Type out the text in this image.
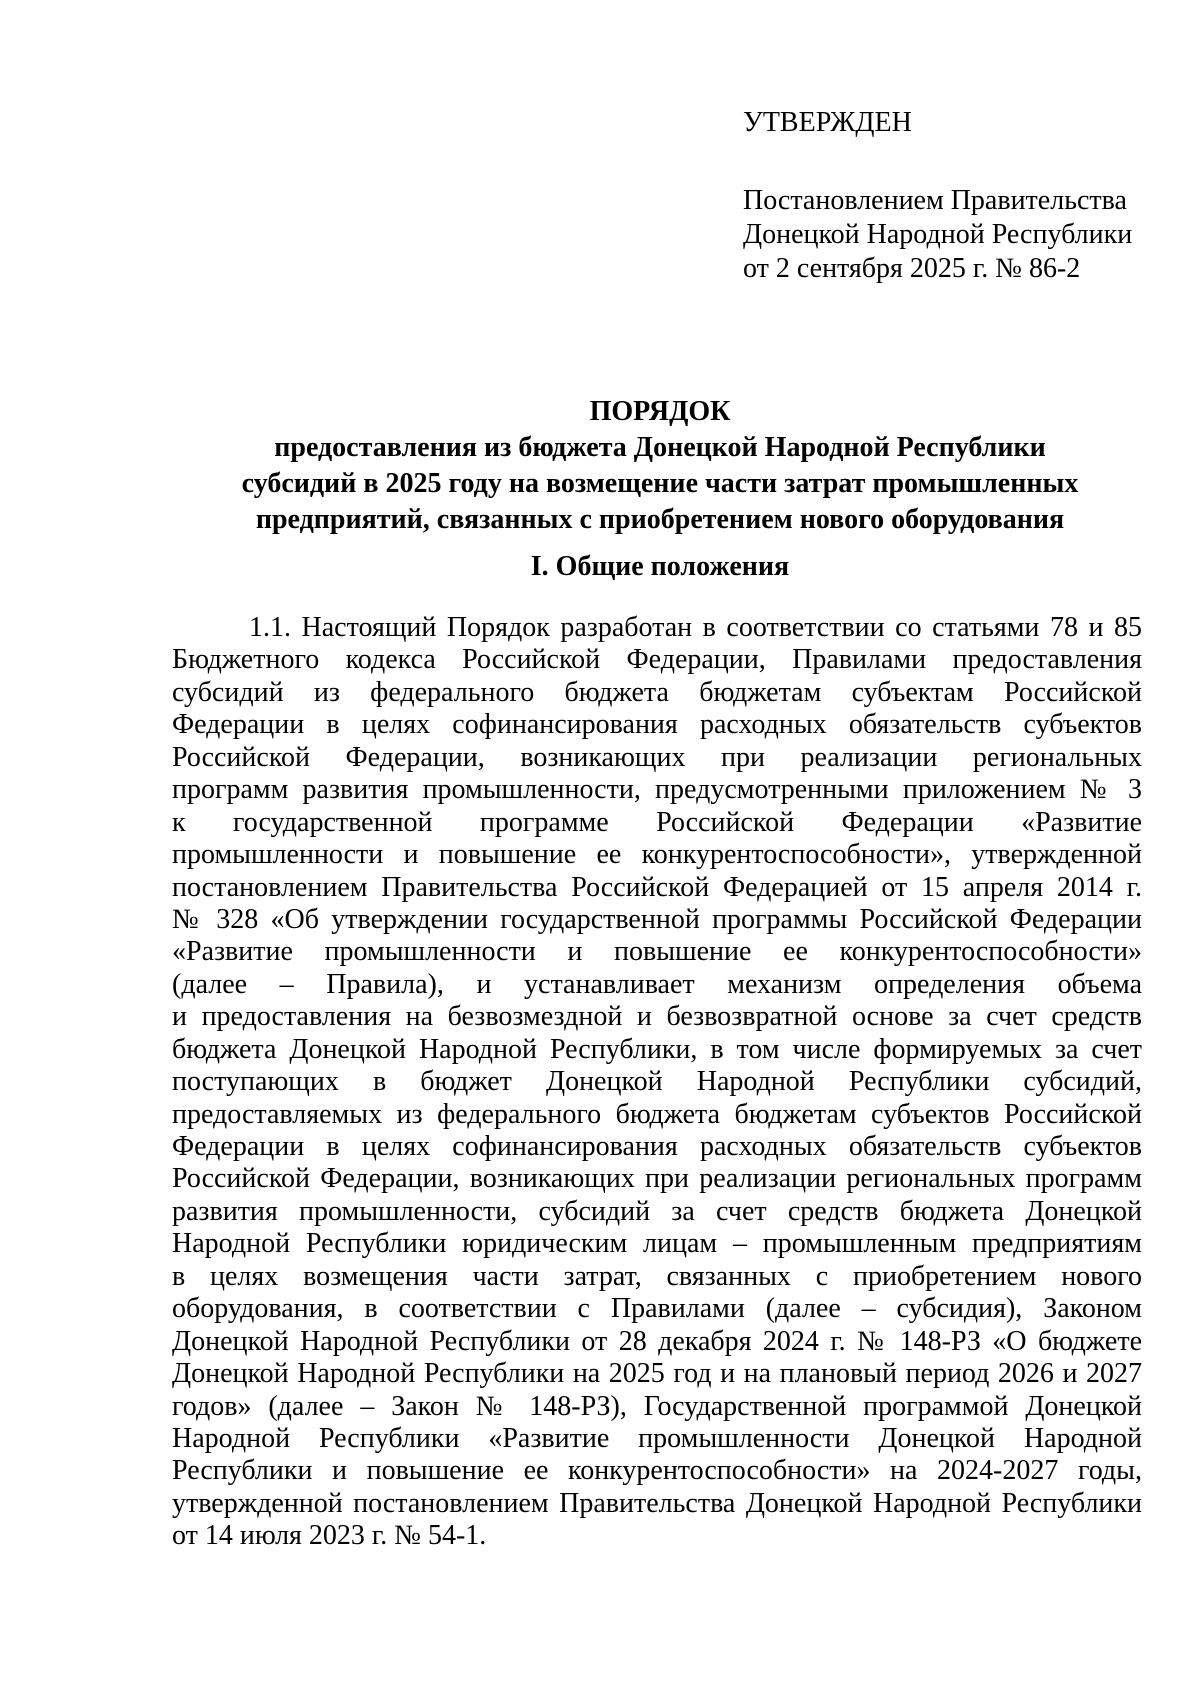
УТВЕРЖДЕН
Постановлением Правительства
Донецкой Народной Республики
от 2 сентября 2025 г. № 86-2
ПОРЯДОК
предоставления из бюджета Донецкой Народной Республики
субсидий в 2025 году на возмещение части затрат промышленных
предприятий, связанных с приобретением нового оборудования
I. Общие положения
1.1. Настоящий Порядок разработан в соответствии со статьями 78 и 85
Бюджетного кодекса Российской Федерации, Правилами предоставления
субсидий из федерального бюджета бюджетам субъектам Российской
Федерации в целях софинансирования расходных обязательств субъектов
Российской Федерации, возникающих при реализации региональных
программ развития промышленности, предусмотренными приложением № 3
к государственной программе Российской Федерации «Развитие
промышленности и повышение ее конкурентоспособности», утвержденной
постановлением Правительства Российской Федерацией от 15 апреля 2014 г.
№ 328 «Об утверждении государственной программы Российской Федерации
«Развитие промышленности и повышение ее конкурентоспособности»
(далее – Правила), и устанавливает механизм определения объема
и предоставления на безвозмездной и безвозвратной основе за счет средств
бюджета Донецкой Народной Республики, в том числе формируемых за счет
поступающих в бюджет Донецкой Народной Республики субсидий,
предоставляемых из федерального бюджета бюджетам субъектов Российской
Федерации в целях софинансирования расходных обязательств субъектов
Российской Федерации, возникающих при реализации региональных программ
развития промышленности, субсидий за счет средств бюджета Донецкой
Народной Республики юридическим лицам – промышленным предприятиям
в целях возмещения части затрат, связанных с приобретением нового
оборудования, в соответствии с Правилами (далее – субсидия), Законом
Донецкой Народной Республики от 28 декабря 2024 г. № 148-РЗ «О бюджете
Донецкой Народной Республики на 2025 год и на плановый период 2026 и 2027
годов» (далее – Закон № 148-РЗ), Государственной программой Донецкой
Народной Республики «Развитие промышленности Донецкой Народной
Республики и повышение ее конкурентоспособности» на 2024-2027 годы,
утвержденной постановлением Правительства Донецкой Народной Республики
от 14 июля 2023 г. № 54-1.
